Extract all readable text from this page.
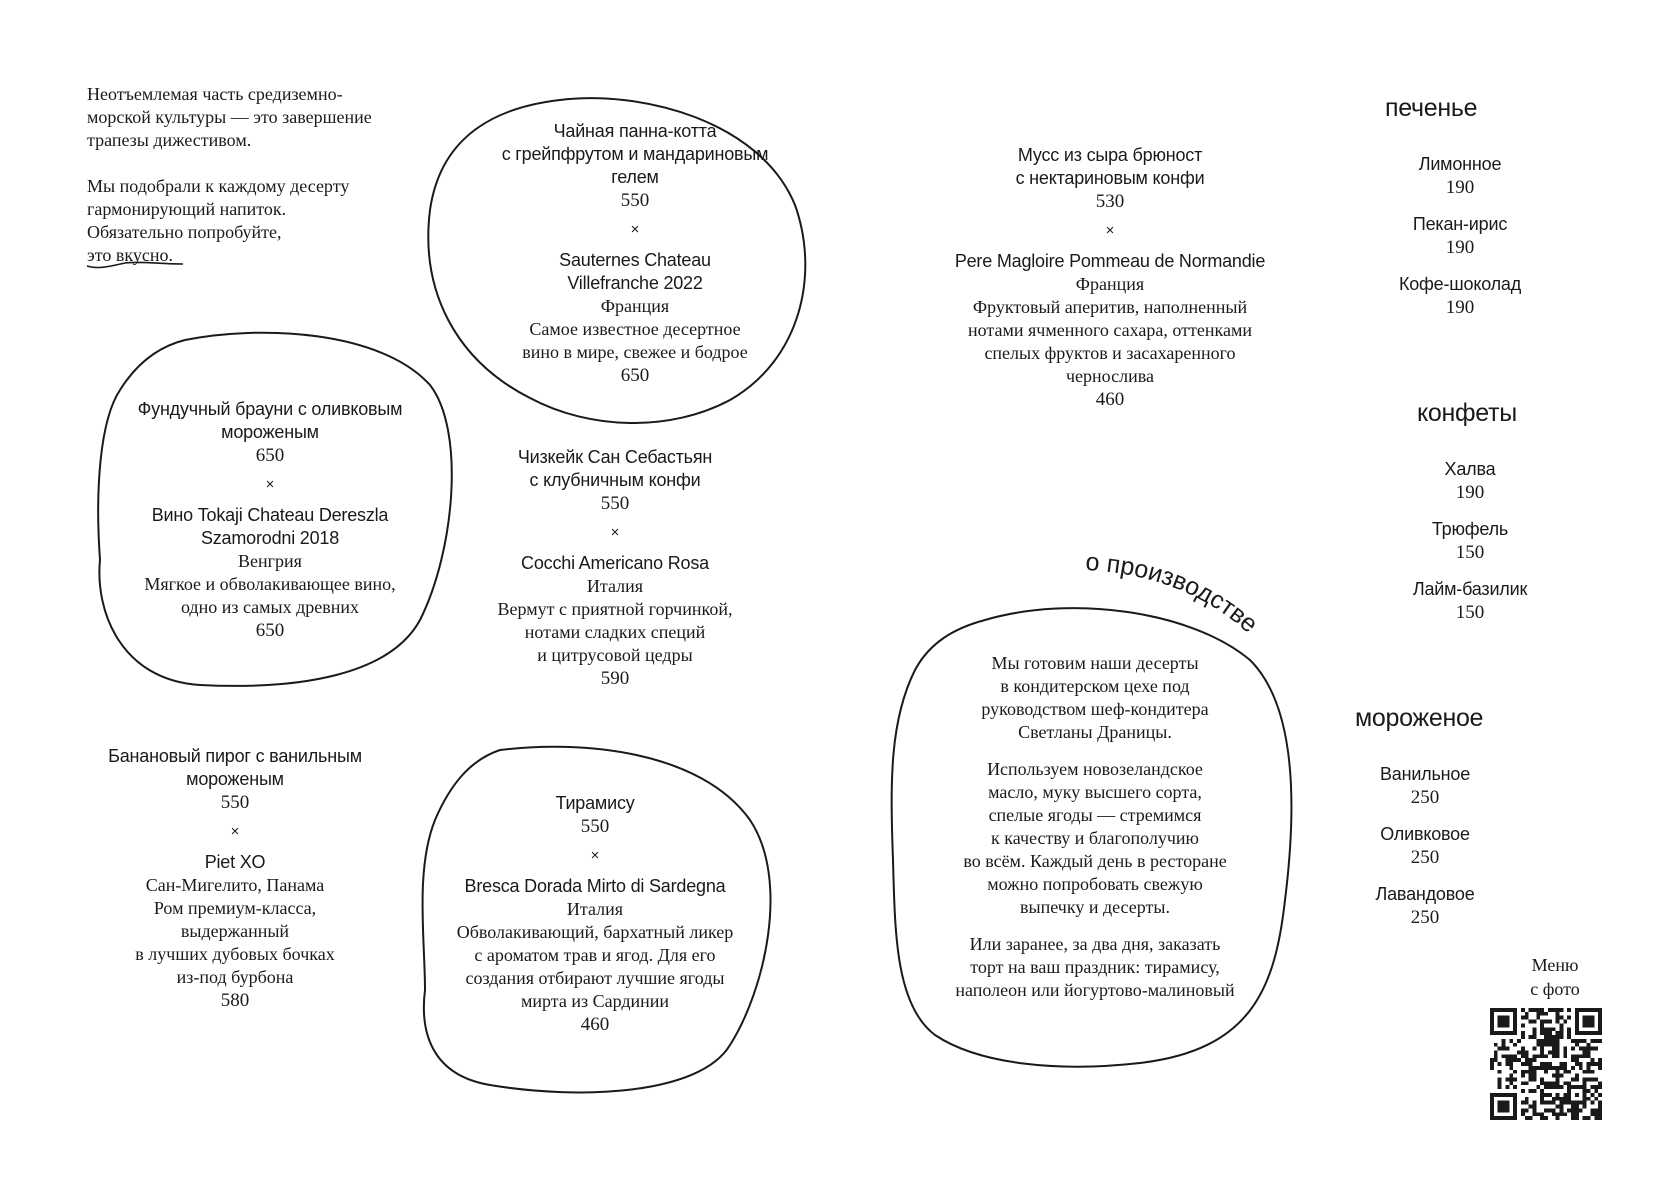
о производстве
Неотъемлемая часть средиземно-
морской культуры — это завершение
трапезы дижестивом.
Мы подобрали к каждому десерту
гармонирующий напиток.
Обязательно попробуйте,
это вкусно.
Чайная панна-котта
с грейпфрутом и мандариновым
гелем
550
×
Sauternes Chateau
Villefranche 2022
Франция
Самое известное десертное
вино в мире, свежее и бодрое
650
Мусс из сыра брюност
с нектариновым конфи
530
×
Pere Magloire Pommeau de Normandie
Франция
Фруктовый аперитив, наполненный
нотами ячменного сахара, оттенками
спелых фруктов и засахаренного
чернослива
460
Фундучный брауни с оливковым
мороженым
650
×
Вино Tokaji Chateau Dereszla
Szamorodni 2018
Венгрия
Мягкое и обволакивающее вино,
одно из самых древних
650
Чизкейк Сан Себастьян
с клубничным конфи
550
×
Cocchi Americano Rosa
Италия
Вермут с приятной горчинкой,
нотами сладких специй
и цитрусовой цедры
590
Банановый пирог с ванильным
мороженым
550
×
Piet XO
Сан-Мигелито, Панама
Ром премиум-класса,
выдержанный
в лучших дубовых бочках
из-под бурбона
580
Тирамису
550
×
Bresca Dorada Mirto di Sardegna
Италия
Обволакивающий, бархатный ликер
с ароматом трав и ягод. Для его
создания отбирают лучшие ягоды
мирта из Сардинии
460

Мы готовим наши десерты
в кондитерском цехе под
руководством шеф-кондитера
Светланы Драницы.

Используем новозеландское
масло, муку высшего сорта,
спелые ягоды — стремимся
к качеству и благополучию
во всём. Каждый день в ресторане
можно попробовать свежую
выпечку и десерты.

Или заранее, за два дня, заказать
торт на ваш праздник: тирамису,
наполеон или йогуртово-малиновый

печенье
Лимонное
190
Пекан-ирис
190
Кофе-шоколад
190
конфеты
Халва
190
Трюфель
150
Лайм-базилик
150
мороженое
Ванильное
250
Оливковое
250
Лавандовое
250
Меню
с фото
